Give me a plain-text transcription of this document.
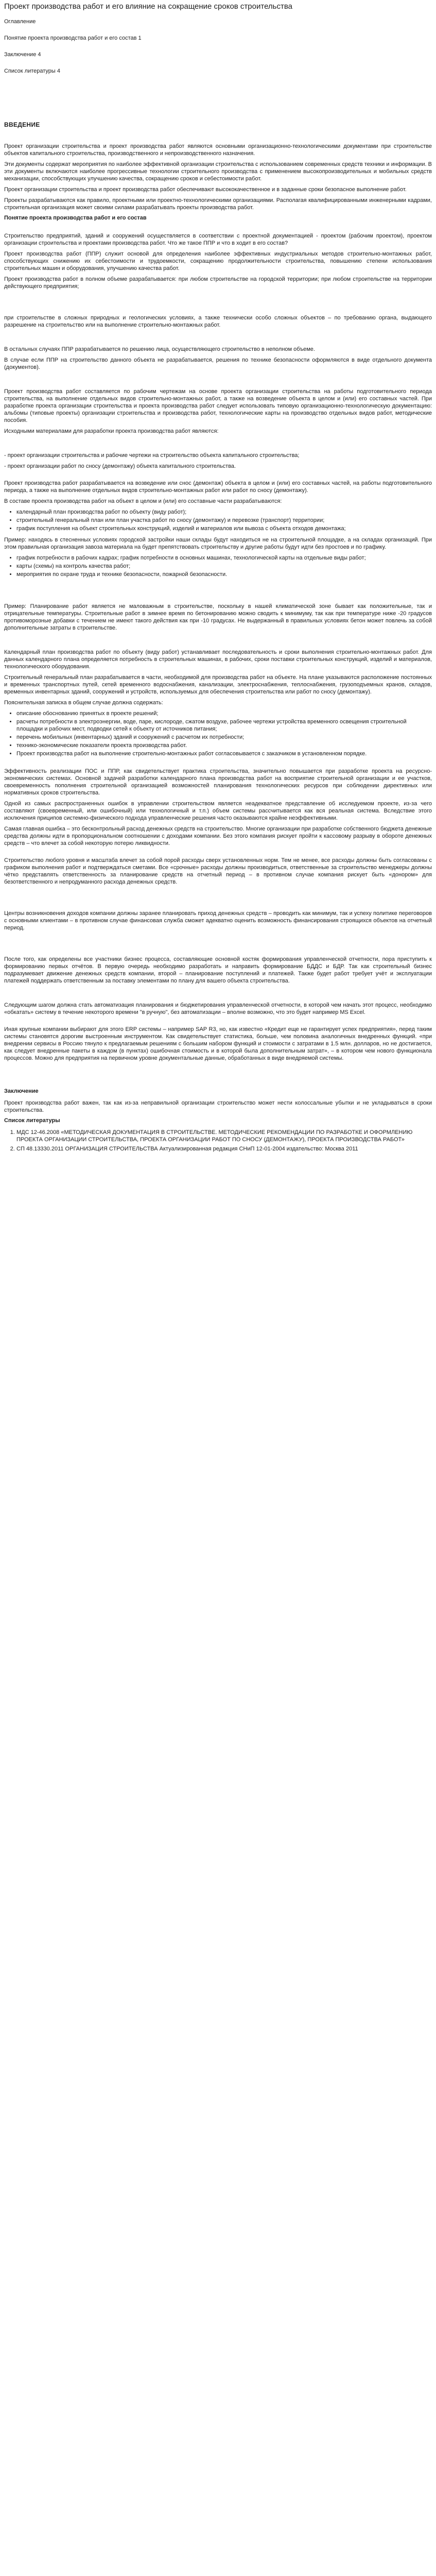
Проект производства работ и его влияние на сокращение сроков строительства

Оглавление

Понятие проекта производства работ и его состав 1

Заключение 4

Список литературы 4

ВВЕДЕНИЕ

Проект организации строительства и проект производства работ являются основными организационно-технологическими документами при строительстве объектов капитального строительства, производственного и непроизводственного назначения.

Эти документы содержат мероприятия по наиболее эффективной организации строительства с использованием современных средств техники и информации. В эти документы включаются наиболее прогрессивные технологии строительного производства с применением высокопроизводительных и мобильных средств механизации, способствующих улучшению качества, сокращению сроков и себестоимости работ.

Проект организации строительства и проект производства работ обеспечивают высококачественное и в заданные сроки безопасное выполнение работ.

Проекты разрабатываются как правило, проектными или проектно-технологическими организациями. Располагая квалифицированными инженерными кадрами, строительная организация может своими силами разрабатывать проекты производства работ.

Понятие проекта производства работ и его состав

Строительство предприятий, зданий и сооружений осуществляется в соответствии с проектной документацией - проектом (рабочим проектом), проектом организации строительства и проектами производства работ. Что же такое ППР и что в ходит в его состав?

Проект производства работ (ППР) служит основой для определения наиболее эффективных индустриальных методов строительно-монтажных работ, способствующих снижению их себестоимости и трудоемкости, сокращению продолжительности строительства, повышению степени использования строительных машин и оборудования, улучшению качества работ.

Проект производства работ в полном объеме разрабатывается: при любом строительстве на городской территории; при любом строительстве на территории действующего предприятия;

при строительстве в сложных природных и геологических условиях, а также технически особо сложных объектов – по требованию органа, выдающего разрешение на строительство или на выполнение строительно-монтажных работ.

В остальных случаях ППР разрабатывается по решению лица, осуществляющего строительство в неполном объеме.

В случае если ППР на строительство данного объекта не разрабатывается, решения по технике безопасности оформляются в виде отдельного документа (документов).

Проект производства работ составляется по рабочим чертежам на основе проекта организации строительства на работы подготовительного периода строительства, на выполнение отдельных видов строительно-монтажных работ, а также на возведение объекта в целом и (или) его составных частей. При разработке проекта организации строительства и проекта производства работ следует использовать типовую организационно-технологическую документацию: альбомы (типовые проекты) организации строительства и производства работ, технологические карты на производство отдельных видов работ, методические пособия.

Исходными материалами для разработки проекта производства работ являются:

- проект организации строительства и рабочие чертежи на строительство объекта капитального строительства;

- проект организации работ по сносу (демонтажу) объекта капитального строительства.

Проект производства работ разрабатывается на возведение или снос (демонтаж) объекта в целом и (или) его составных частей, на работы подготовительного периода, а также на выполнение отдельных видов строительно-монтажных работ или работ по сносу (демонтажу).

В составе проекта производства работ на объект в целом и (или) его составные части разрабатываются:

• календарный план производства работ по объекту (виду работ);
• строительный генеральный план или план участка работ по сносу (демонтажу) и перевозке (транспорт) территории;
• график поступления на объект строительных конструкций, изделий и материалов или вывоза с объекта отходов демонтажа;

Пример: находясь в стесненных условиях городской застройки наши склады будут находиться не на строительной площадке, а на складах организаций. При этом правильная организация завоза материала на будет препятствовать строительству и другие работы будут идти без простоев и по графику.

• график потребности в рабочих кадрах; график потребности в основных машинах, технологической карты на отдельные виды работ;
• карты (схемы) на контроль качества работ;
• мероприятия по охране труда и технике безопасности, пожарной безопасности.

Пример: Планирование работ является не маловажным в строительстве, поскольку в нашей климатической зоне бывает как положительные, так и отрицательные температуры. Строительные работ в зимнее время по бетонированию можно сводить к минимуму, так как при температуре ниже -20 градусов противоморозные добавки с течением не имеют такого действия как при -10 градусах. Не выдержанный в правильных условиях бетон может повлечь за собой дополнительные затраты в строительстве.

Календарный план производства работ по объекту (виду работ) устанавливает последовательность и сроки выполнения строительно-монтажных работ. Для данных календарного плана определяется потребность в строительных машинах, в рабочих, сроки поставки строительных конструкций, изделий и материалов, технологического оборудования.

Строительный генеральный план разрабатывается в части, необходимой для производства работ на объекте. На плане указываются расположение постоянных и временных транспортных путей, сетей временного водоснабжения, канализации, электроснабжения, теплоснабжения, грузоподъемных кранов, складов, временных инвентарных зданий, сооружений и устройств, используемых для обеспечения строительства или работ по сносу (демонтажу).

Пояснительная записка в общем случае должна содержать:

• описание обоснованию принятых в проекте решений;
• расчеты потребности в электроэнергии, воде, паре, кислороде, сжатом воздухе, рабочее чертежи устройства временного освещения строительной площадки и рабочих мест, подводки сетей к объекту от источников питания;
• перечень мобильных (инвентарных) зданий и сооружений с расчетом их потребности;
• технико-экономические показатели проекта производства работ.
• Проект производства работ на выполнение строительно-монтажных работ согласовывается с заказчиком в установленном порядке.

Эффективность реализации ПОС и ППР, как свидетельствует практика строительства, значительно повышается при разработке проекта на ресурсно-экономических системах. Основной задачей разработки календарного плана производства работ на восприятие строительной организации и ее участков, своевременность пополнения строительной организацией возможностей планирования технологических ресурсов при соблюдении директивных или нормативных сроков строительства.

Одной из самых распространенных ошибок в управлении строительством является неадекватное представление об исследуемом проекте, из-за чего составляют (своевременный, или ошибочный) или технологичный и т.п.) объем системы рассчитывается как вся реальная система. Вследствие этого исключения приципов системно-физического подхода управленческие решения часто оказываются крайне неэффективными.

Самая главная ошибка – это бесконтрольный расход денежных средств на строительство. Многие организации при разработке собственного бюджета денежные средства должны идти в пропорциональном соотношении с доходами компании. Без этого компания рискует пройти к кассовому разрыву в обороте денежных средств – что влечет за собой некоторую потерю ликвидности.

Строительство любого уровня и масштаба влечет за собой порой расходы сверх установленных норм. Тем не менее, все расходы должны быть согласованы с графиком выполнения работ и подтверждаться сметами. Все «срочные» расходы должны производиться, ответственные за строительство менеджеры должны чётко представлять ответственность за планирование средств на отчетный период – в противном случае компания рискует быть «донором» для безответственного и непродуманного расхода денежных средств.

Центры возникновения доходов компании должны заранее планировать приход денежных средств – проводить как минимум, так и успеху политике переговоров с основными клиентами – в противном случае финансовая служба сможет адекватно оценить возможность финансирования строящихся объектов на отчетный период.

После того, как определены все участники бизнес процесса, составляющие основной костяк формирования управленческой отчетности, пора приступить к формированию первых отчётов. В первую очередь необходимо разработать и направить формирование БДДС и БДР. Так как строительный бизнес подразумевает движение денежных средств компании, второй – планирование поступлений и платежей. Также будет работ требует учёт и эксплуатации платежей поддержать ответственным за поставку элементами по плану для вашего объекта строительства.

Следующим шагом должна стать автоматизация планирования и бюджетирования управленческой отчетности, в которой чем начать этот процесс, необходимо «обкатать» систему в течение некоторого времени "в ручную", без автоматизации – вполне возможно, что это будет например MS Excel.

Иная крупные компании выбирают для этого ERP системы – например SAP R3, но, как известно «Кредит еще не гарантирует успех предприятия», перед таким системы становятся дорогим выстроенным инструментом. Как свидетельствует статистика, больше, чем половина аналогичных внедренных функций. «при внедрении сервисы в Россию тянуло к предлагаемым решениям с большим набором функций и стоимости с затратами в 1.5 млн. долларов, но не достигается, как следует внедренные пакеты в каждом (в пунктах) ошибочная стоимость и в которой была дополнительным затрат», – в котором чем нового функционала процессов. Можно для предприятия на первичном уровне документальные данные, обработанных в виде внедряемой системы.

Заключение

Проект производства работ важен, так как из-за неправильной организации строительство может нести колоссальные убытки и не укладываться в сроки строительства.

Список литературы
1. МДС 12-46.2008 «МЕТОДИЧЕСКАЯ ДОКУМЕНТАЦИЯ В СТРОИТЕЛЬСТВЕ. МЕТОДИЧЕСКИЕ РЕКОМЕНДАЦИИ ПО РАЗРАБОТКЕ И ОФОРМЛЕНИЮ ПРОЕКТА ОРГАНИЗАЦИИ СТРОИТЕЛЬСТВА, ПРОЕКТА ОРГАНИЗАЦИИ РАБОТ ПО СНОСУ (ДЕМОНТАЖУ), ПРОЕКТА ПРОИЗВОДСТВА РАБОТ»
2. СП 48.13330.2011 ОРГАНИЗАЦИЯ СТРОИТЕЛЬСТВА Актуализированная редакция СНиП 12-01-2004 издательство: Москва 2011
